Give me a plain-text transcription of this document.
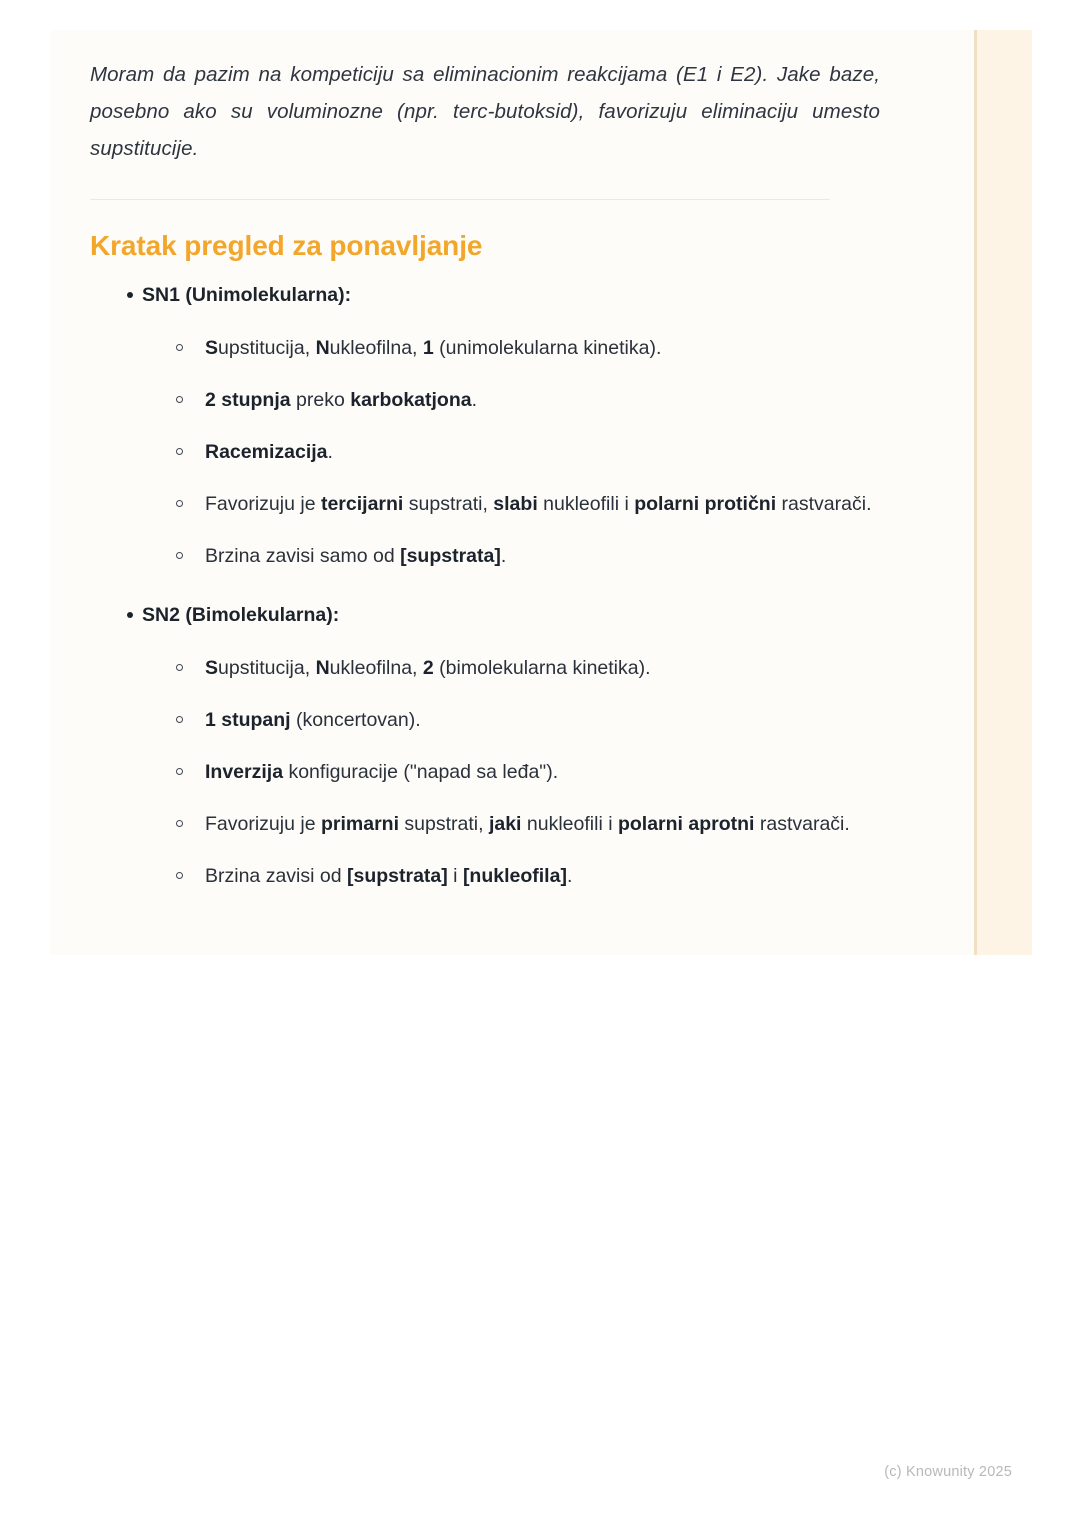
Moram da pazim na kompeticiju sa eliminacionim reakcijama (E1 i E2). Jake baze, posebno ako su voluminozne (npr. terc-butoksid), favorizuju eliminaciju umesto supstitucije.

Kratak pregled za ponavljanje
SN1 (Unimolekularna):
Supstitucija, Nukleofilna, 1 (unimolekularna kinetika).
2 stupnja preko karbokatjona.
Racemizacija.
Favorizuju je tercijarni supstrati, slabi nukleofili i polarni protični rastvarači.
Brzina zavisi samo od [supstrata].
SN2 (Bimolekularna):
Supstitucija, Nukleofilna, 2 (bimolekularna kinetika).
1 stupanj (koncertovan).
Inverzija konfiguracije ("napad sa leđa").
Favorizuju je primarni supstrati, jaki nukleofili i polarni aprotni rastvarači.
Brzina zavisi od [supstrata] i [nukleofila].
(c) Knowunity 2025
